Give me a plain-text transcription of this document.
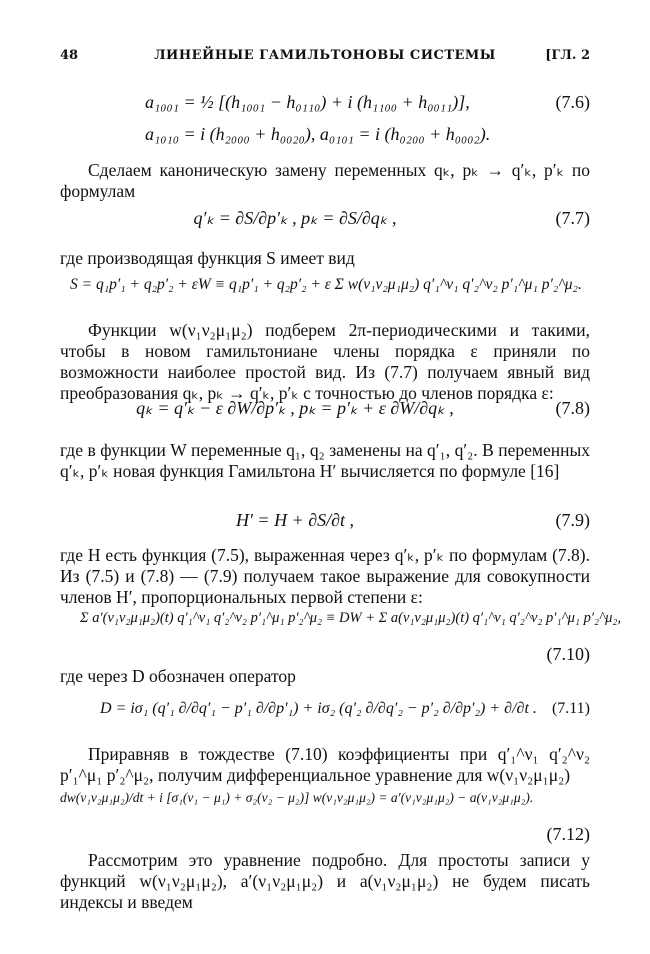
48	ЛИНЕЙНЫЕ ГАМИЛЬТОНОВЫ СИСТЕМЫ	[ГЛ. 2
a₁₀₀₁ = ½ [(h₁₀₀₁ − h₀₁₁₀) + i (h₁₁₀₀ + h₀₀₁₁)],	(7.6)
a₁₀₁₀ = i (h₂₀₀₀ + h₀₀₂₀), a₀₁₀₁ = i (h₀₂₀₀ + h₀₀₀₂).
Сделаем каноническую замену переменных qₖ, pₖ → q′ₖ, p′ₖ по формулам
q′ₖ = ∂S/∂p′ₖ , pₖ = ∂S/∂qₖ ,	(7.7)
где производящая функция S имеет вид
S = q₁p′₁ + q₂p′₂ + εW ≡ q₁p′₁ + q₂p′₂ + ε Σ w(ν₁ν₂μ₁μ₂) q′₁^ν₁ q′₂^ν₂ p′₁^μ₁ p′₂^μ₂.
Функции w(ν₁ν₂μ₁μ₂) подберем 2π-периодическими и такими, чтобы в новом гамильтониане члены порядка ε приняли по возможности наиболее простой вид. Из (7.7) получаем явный вид преобразования qₖ, pₖ → q′ₖ, p′ₖ с точностью до членов порядка ε:
qₖ = q′ₖ − ε ∂W/∂p′ₖ , pₖ = p′ₖ + ε ∂W/∂qₖ ,	(7.8)
где в функции W переменные q₁, q₂ заменены на q′₁, q′₂. В переменных q′ₖ, p′ₖ новая функция Гамильтона H′ вычисляется по формуле [16]
H′ = H + ∂S/∂t ,	(7.9)
где H есть функция (7.5), выраженная через q′ₖ, p′ₖ по формулам (7.8). Из (7.5) и (7.8) — (7.9) получаем такое выражение для совокупности членов H′, пропорциональных первой степени ε:
Σ a′(ν₁ν₂μ₁μ₂)(t) q′₁^ν₁ q′₂^ν₂ p′₁^μ₁ p′₂^μ₂ ≡ DW + Σ a(ν₁ν₂μ₁μ₂)(t) q′₁^ν₁ q′₂^ν₂ p′₁^μ₁ p′₂^μ₂,
(7.10)
где через D обозначен оператор
D = iσ₁ (q′₁ ∂/∂q′₁ − p′₁ ∂/∂p′₁) + iσ₂ (q′₂ ∂/∂q′₂ − p′₂ ∂/∂p′₂) + ∂/∂t . (7.11)
Приравняв в тождестве (7.10) коэффициенты при q′₁^ν₁ q′₂^ν₂ p′₁^μ₁ p′₂^μ₂, получим дифференциальное уравнение для w(ν₁ν₂μ₁μ₂)
dw(ν₁ν₂μ₁μ₂)/dt + i [σ₁(ν₁ − μ₁) + σ₂(ν₂ − μ₂)] w(ν₁ν₂μ₁μ₂) = a′(ν₁ν₂μ₁μ₂) − a(ν₁ν₂μ₁μ₂).
(7.12)
Рассмотрим это уравнение подробно. Для простоты записи у функций w(ν₁ν₂μ₁μ₂), a′(ν₁ν₂μ₁μ₂) и a(ν₁ν₂μ₁μ₂) не будем писать индексы и введем
